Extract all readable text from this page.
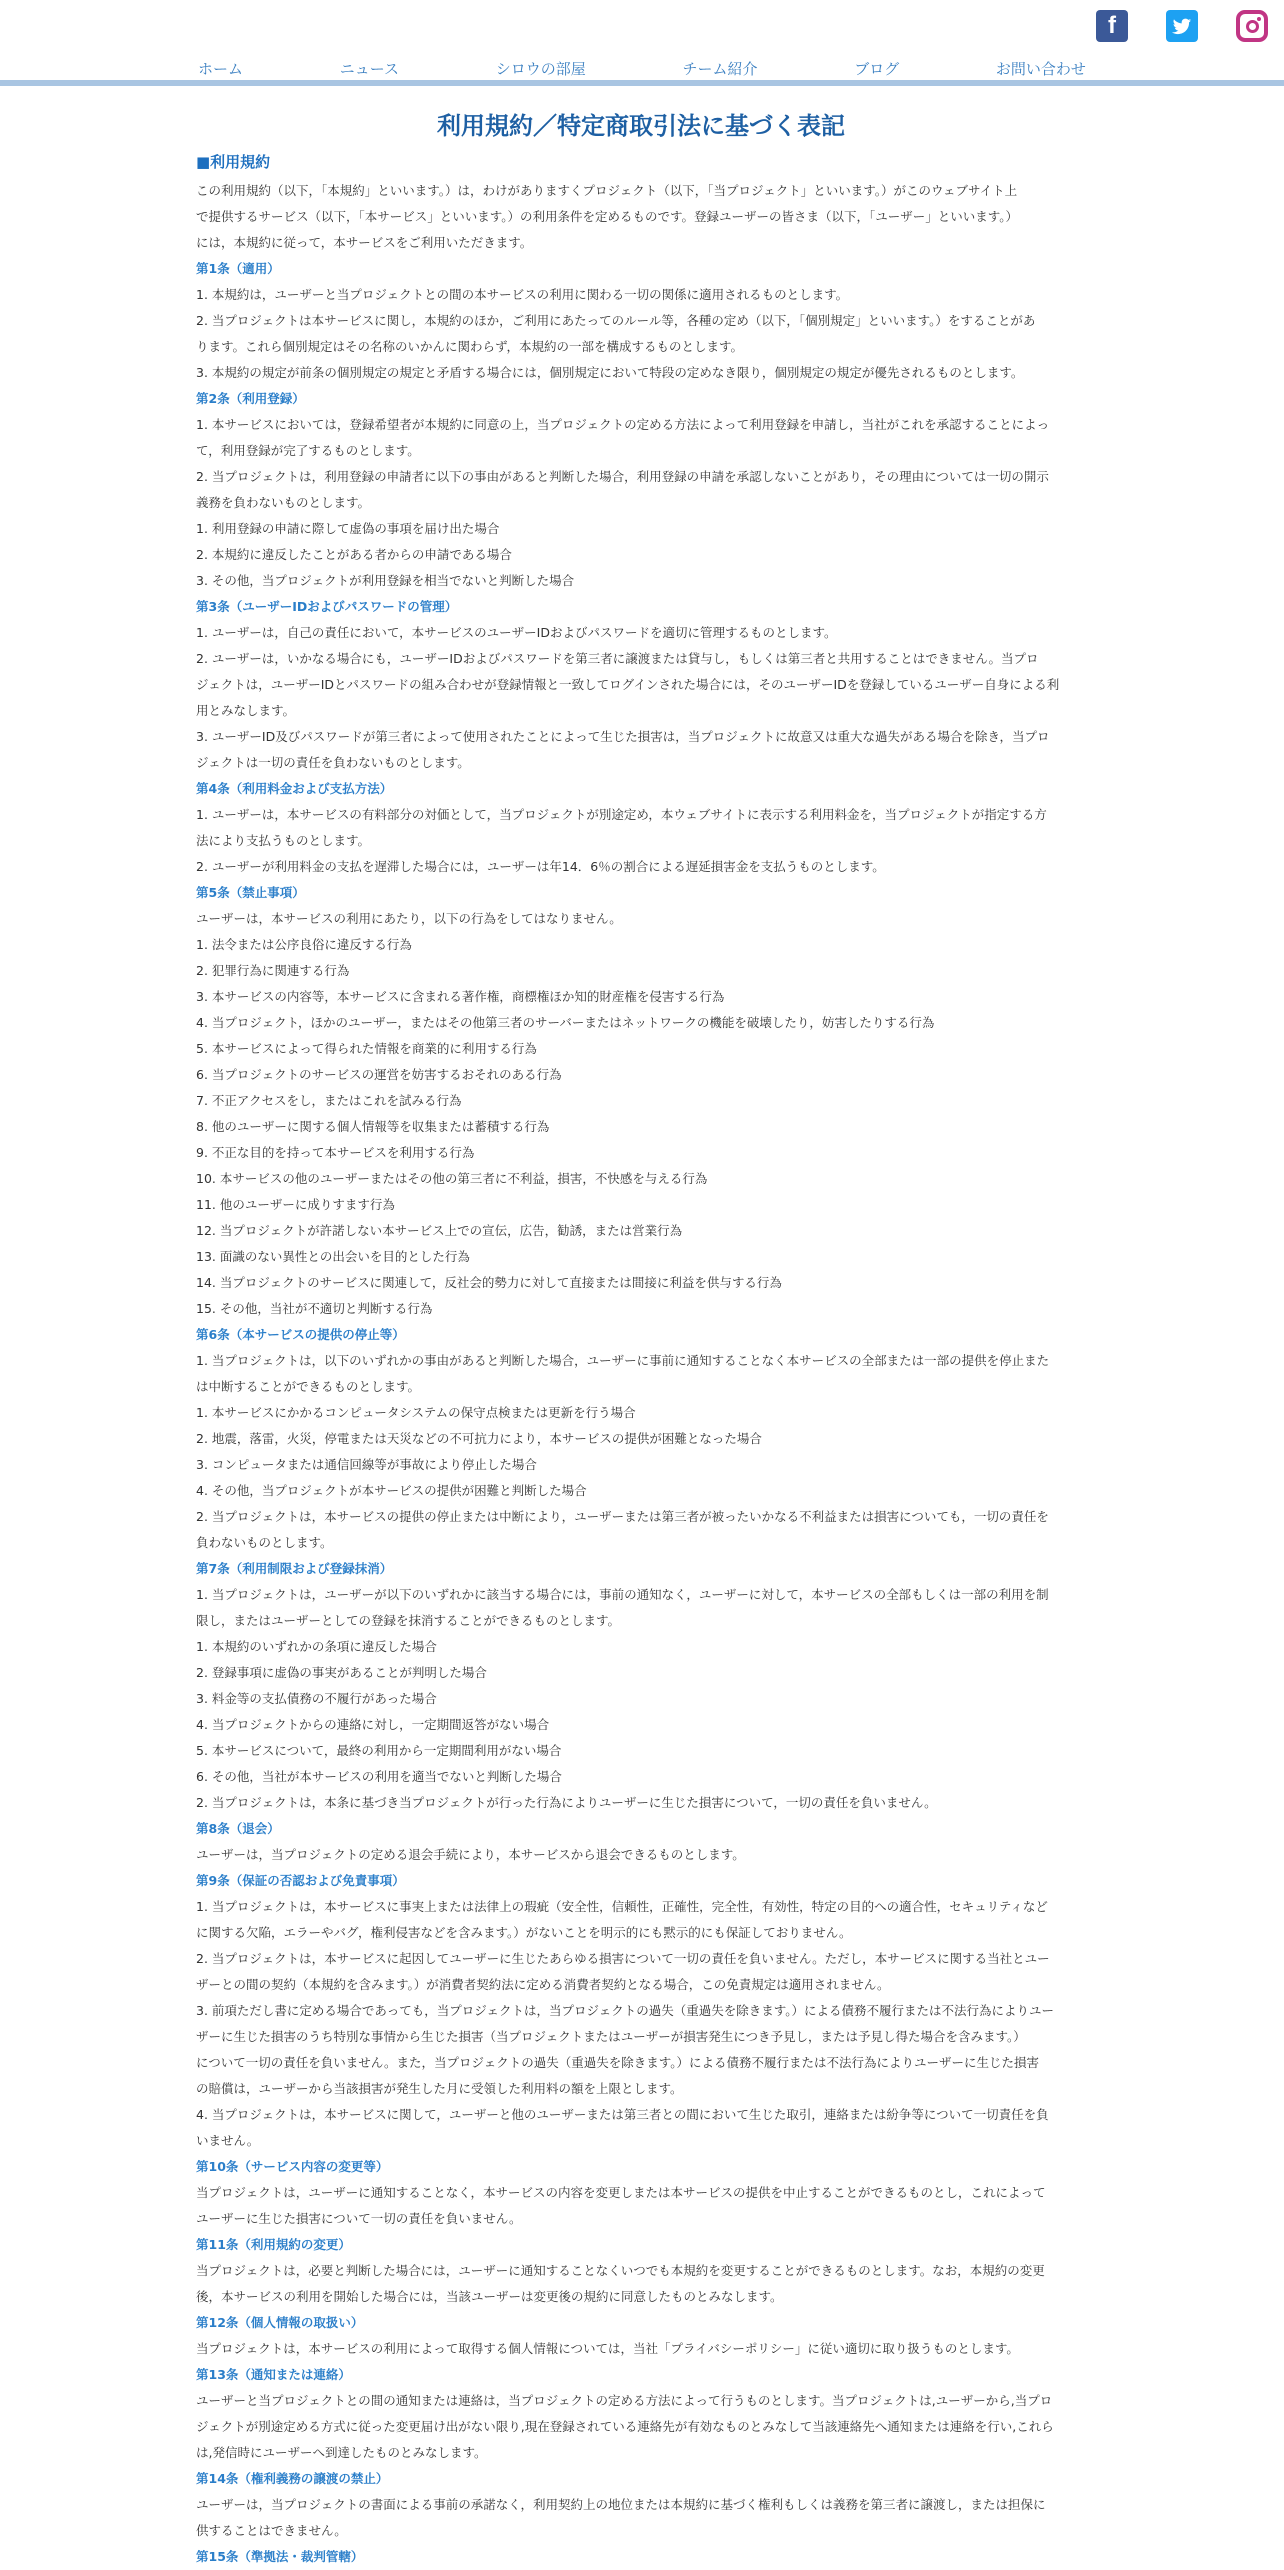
f
ホーム	ニュース	シロウの部屋	チーム紹介	ブログ	お問い合わせ
利用規約／特定商取引法に基づく表記
■利用規約
この利用規約（以下，「本規約」といいます。）は，わけがありますくプロジェクト（以下，「当プロジェクト」といいます。）がこのウェブサイト上
で提供するサービス（以下，「本サービス」といいます。）の利用条件を定めるものです。登録ユーザーの皆さま（以下，「ユーザー」といいます。）
には，本規約に従って，本サービスをご利用いただきます。
第1条（適用）
1. 本規約は，ユーザーと当プロジェクトとの間の本サービスの利用に関わる一切の関係に適用されるものとします。
2. 当プロジェクトは本サービスに関し，本規約のほか，ご利用にあたってのルール等，各種の定め（以下，「個別規定」といいます。）をすることがあ
ります。これら個別規定はその名称のいかんに関わらず，本規約の一部を構成するものとします。
3. 本規約の規定が前条の個別規定の規定と矛盾する場合には，個別規定において特段の定めなき限り，個別規定の規定が優先されるものとします。
第2条（利用登録）
1. 本サービスにおいては，登録希望者が本規約に同意の上，当プロジェクトの定める方法によって利用登録を申請し，当社がこれを承認することによっ
て，利用登録が完了するものとします。
2. 当プロジェクトは，利用登録の申請者に以下の事由があると判断した場合，利用登録の申請を承認しないことがあり，その理由については一切の開示
義務を負わないものとします。
1. 利用登録の申請に際して虚偽の事項を届け出た場合
2. 本規約に違反したことがある者からの申請である場合
3. その他，当プロジェクトが利用登録を相当でないと判断した場合
第3条（ユーザーIDおよびパスワードの管理）
1. ユーザーは，自己の責任において，本サービスのユーザーIDおよびパスワードを適切に管理するものとします。
2. ユーザーは，いかなる場合にも，ユーザーIDおよびパスワードを第三者に譲渡または貸与し，もしくは第三者と共用することはできません。当プロ
ジェクトは，ユーザーIDとパスワードの組み合わせが登録情報と一致してログインされた場合には，そのユーザーIDを登録しているユーザー自身による利
用とみなします。
3. ユーザーID及びパスワードが第三者によって使用されたことによって生じた損害は，当プロジェクトに故意又は重大な過失がある場合を除き，当プロ
ジェクトは一切の責任を負わないものとします。
第4条（利用料金および支払方法）
1. ユーザーは，本サービスの有料部分の対価として，当プロジェクトが別途定め，本ウェブサイトに表示する利用料金を，当プロジェクトが指定する方
法により支払うものとします。
2. ユーザーが利用料金の支払を遅滞した場合には，ユーザーは年14．6％の割合による遅延損害金を支払うものとします。
第5条（禁止事項）
ユーザーは，本サービスの利用にあたり，以下の行為をしてはなりません。
1. 法令または公序良俗に違反する行為
2. 犯罪行為に関連する行為
3. 本サービスの内容等，本サービスに含まれる著作権，商標権ほか知的財産権を侵害する行為
4. 当プロジェクト，ほかのユーザー，またはその他第三者のサーバーまたはネットワークの機能を破壊したり，妨害したりする行為
5. 本サービスによって得られた情報を商業的に利用する行為
6. 当プロジェクトのサービスの運営を妨害するおそれのある行為
7. 不正アクセスをし，またはこれを試みる行為
8. 他のユーザーに関する個人情報等を収集または蓄積する行為
9. 不正な目的を持って本サービスを利用する行為
10. 本サービスの他のユーザーまたはその他の第三者に不利益，損害，不快感を与える行為
11. 他のユーザーに成りすます行為
12. 当プロジェクトが許諾しない本サービス上での宣伝，広告，勧誘，または営業行為
13. 面識のない異性との出会いを目的とした行為
14. 当プロジェクトのサービスに関連して，反社会的勢力に対して直接または間接に利益を供与する行為
15. その他，当社が不適切と判断する行為
第6条（本サービスの提供の停止等）
1. 当プロジェクトは，以下のいずれかの事由があると判断した場合，ユーザーに事前に通知することなく本サービスの全部または一部の提供を停止また
は中断することができるものとします。
1. 本サービスにかかるコンピュータシステムの保守点検または更新を行う場合
2. 地震，落雷，火災，停電または天災などの不可抗力により，本サービスの提供が困難となった場合
3. コンピュータまたは通信回線等が事故により停止した場合
4. その他，当プロジェクトが本サービスの提供が困難と判断した場合
2. 当プロジェクトは，本サービスの提供の停止または中断により，ユーザーまたは第三者が被ったいかなる不利益または損害についても，一切の責任を
負わないものとします。
第7条（利用制限および登録抹消）
1. 当プロジェクトは，ユーザーが以下のいずれかに該当する場合には，事前の通知なく，ユーザーに対して，本サービスの全部もしくは一部の利用を制
限し，またはユーザーとしての登録を抹消することができるものとします。
1. 本規約のいずれかの条項に違反した場合
2. 登録事項に虚偽の事実があることが判明した場合
3. 料金等の支払債務の不履行があった場合
4. 当プロジェクトからの連絡に対し，一定期間返答がない場合
5. 本サービスについて，最終の利用から一定期間利用がない場合
6. その他，当社が本サービスの利用を適当でないと判断した場合
2. 当プロジェクトは，本条に基づき当プロジェクトが行った行為によりユーザーに生じた損害について，一切の責任を負いません。
第8条（退会）
ユーザーは，当プロジェクトの定める退会手続により，本サービスから退会できるものとします。
第9条（保証の否認および免責事項）
1. 当プロジェクトは，本サービスに事実上または法律上の瑕疵（安全性，信頼性，正確性，完全性，有効性，特定の目的への適合性，セキュリティなど
に関する欠陥，エラーやバグ，権利侵害などを含みます。）がないことを明示的にも黙示的にも保証しておりません。
2. 当プロジェクトは，本サービスに起因してユーザーに生じたあらゆる損害について一切の責任を負いません。ただし，本サービスに関する当社とユー
ザーとの間の契約（本規約を含みます。）が消費者契約法に定める消費者契約となる場合，この免責規定は適用されません。
3. 前項ただし書に定める場合であっても，当プロジェクトは，当プロジェクトの過失（重過失を除きます。）による債務不履行または不法行為によりユー
ザーに生じた損害のうち特別な事情から生じた損害（当プロジェクトまたはユーザーが損害発生につき予見し，または予見し得た場合を含みます。）
について一切の責任を負いません。また，当プロジェクトの過失（重過失を除きます。）による債務不履行または不法行為によりユーザーに生じた損害
の賠償は，ユーザーから当該損害が発生した月に受領した利用料の額を上限とします。
4. 当プロジェクトは，本サービスに関して，ユーザーと他のユーザーまたは第三者との間において生じた取引，連絡または紛争等について一切責任を負
いません。
第10条（サービス内容の変更等）
当プロジェクトは，ユーザーに通知することなく，本サービスの内容を変更しまたは本サービスの提供を中止することができるものとし，これによって
ユーザーに生じた損害について一切の責任を負いません。
第11条（利用規約の変更）
当プロジェクトは，必要と判断した場合には，ユーザーに通知することなくいつでも本規約を変更することができるものとします。なお，本規約の変更
後，本サービスの利用を開始した場合には，当該ユーザーは変更後の規約に同意したものとみなします。
第12条（個人情報の取扱い）
当プロジェクトは，本サービスの利用によって取得する個人情報については，当社「プライバシーポリシー」に従い適切に取り扱うものとします。
第13条（通知または連絡）
ユーザーと当プロジェクトとの間の通知または連絡は，当プロジェクトの定める方法によって行うものとします。当プロジェクトは,ユーザーから,当プロ
ジェクトが別途定める方式に従った変更届け出がない限り,現在登録されている連絡先が有効なものとみなして当該連絡先へ通知または連絡を行い,これら
は,発信時にユーザーへ到達したものとみなします。
第14条（権利義務の譲渡の禁止）
ユーザーは，当プロジェクトの書面による事前の承諾なく，利用契約上の地位または本規約に基づく権利もしくは義務を第三者に譲渡し，または担保に
供することはできません。
第15条（準拠法・裁判管轄）
